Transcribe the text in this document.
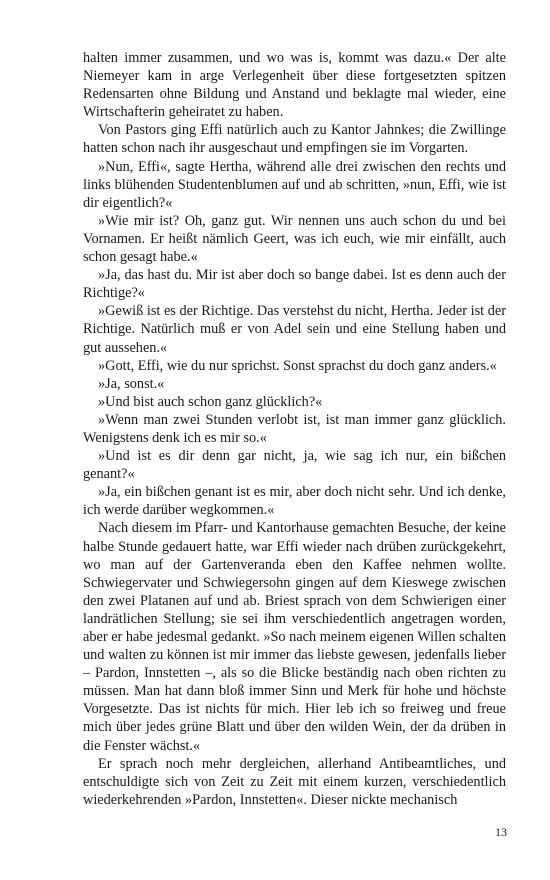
halten immer zusammen, und wo was is, kommt was dazu.« Der alte Niemeyer kam in arge Verlegenheit über diese fortgesetzten spitzen Redensarten ohne Bildung und Anstand und beklagte mal wieder, eine Wirtschafterin geheiratet zu haben.

Von Pastors ging Effi natürlich auch zu Kantor Jahnkes; die Zwillinge hatten schon nach ihr ausgeschaut und empfingen sie im Vorgarten.

»Nun, Effi«, sagte Hertha, während alle drei zwischen den rechts und links blühenden Studentenblumen auf und ab schritten, »nun, Effi, wie ist dir eigentlich?«

»Wie mir ist? Oh, ganz gut. Wir nennen uns auch schon du und bei Vornamen. Er heißt nämlich Geert, was ich euch, wie mir einfällt, auch schon gesagt habe.«

»Ja, das hast du. Mir ist aber doch so bange dabei. Ist es denn auch der Richtige?«

»Gewiß ist es der Richtige. Das verstehst du nicht, Hertha. Jeder ist der Richtige. Natürlich muß er von Adel sein und eine Stellung haben und gut aussehen.«

»Gott, Effi, wie du nur sprichst. Sonst sprachst du doch ganz anders.«

»Ja, sonst.«

»Und bist auch schon ganz glücklich?«

»Wenn man zwei Stunden verlobt ist, ist man immer ganz glücklich. Wenigstens denk ich es mir so.«

»Und ist es dir denn gar nicht, ja, wie sag ich nur, ein bißchen genant?«

»Ja, ein bißchen genant ist es mir, aber doch nicht sehr. Und ich denke, ich werde darüber wegkommen.«

Nach diesem im Pfarr- und Kantorhause gemachten Besuche, der keine halbe Stunde gedauert hatte, war Effi wieder nach drüben zurückgekehrt, wo man auf der Gartenveranda eben den Kaffee nehmen wollte. Schwiegervater und Schwiegersohn gingen auf dem Kieswege zwischen den zwei Platanen auf und ab. Briest sprach von dem Schwierigen einer landrätlichen Stellung; sie sei ihm verschiedentlich angetragen worden, aber er habe jedesmal gedankt. »So nach meinem eigenen Willen schalten und walten zu können ist mir immer das liebste gewesen, jedenfalls lieber – Pardon, Innstetten –, als so die Blicke beständig nach oben richten zu müssen. Man hat dann bloß immer Sinn und Merk für hohe und höchste Vorgesetzte. Das ist nichts für mich. Hier leb ich so freiweg und freue mich über jedes grüne Blatt und über den wilden Wein, der da drüben in die Fenster wächst.«

Er sprach noch mehr dergleichen, allerhand Antibeamtliches, und entschuldigte sich von Zeit zu Zeit mit einem kurzen, verschiedentlich wiederkehrenden »Pardon, Innstetten«. Dieser nickte mechanisch

13
